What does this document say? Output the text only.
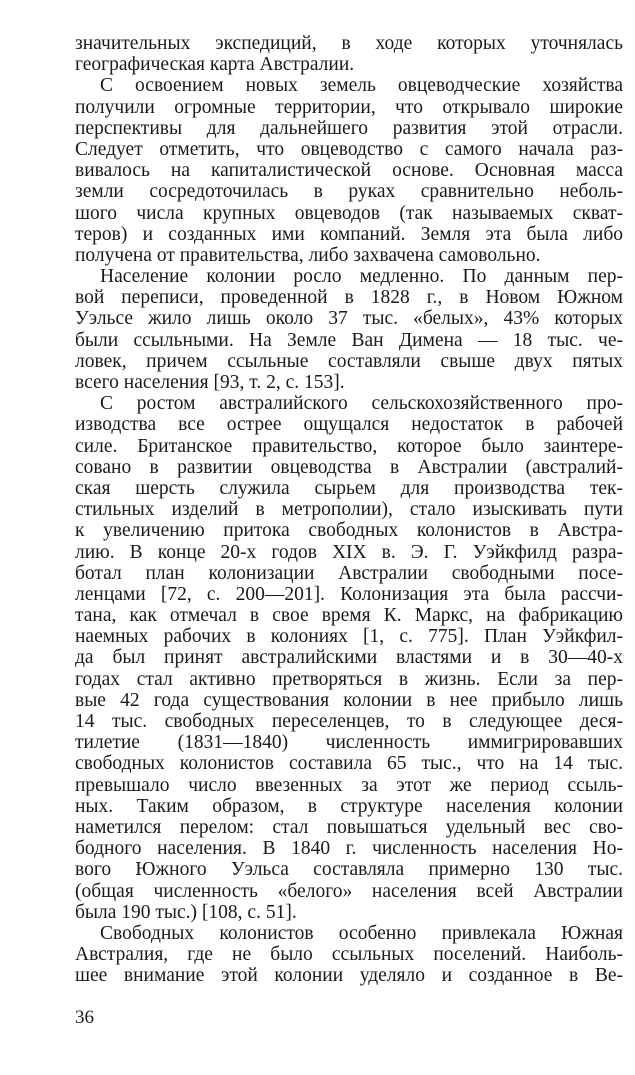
значительных экспедиций, в ходе которых уточнялась
географическая карта Австралии.
С освоением новых земель овцеводческие хозяйства
получили огромные территории, что открывало широкие
перспективы для дальнейшего развития этой отрасли.
Следует отметить, что овцеводство с самого начала раз-
вивалось на капиталистической основе. Основная масса
земли сосредоточилась в руках сравнительно неболь-
шого числа крупных овцеводов (так называемых скват-
теров) и созданных ими компаний. Земля эта была либо
получена от правительства, либо захвачена самовольно.
Население колонии росло медленно. По данным пер-
вой переписи, проведенной в 1828 г., в Новом Южном
Уэльсе жило лишь около 37 тыс. «белых», 43% которых
были ссыльными. На Земле Ван Димена — 18 тыс. че-
ловек, причем ссыльные составляли свыше двух пятых
всего населения [93, т. 2, с. 153].
С ростом австралийского сельскохозяйственного про-
изводства все острее ощущался недостаток в рабочей
силе. Британское правительство, которое было заинтере-
совано в развитии овцеводства в Австралии (австралий-
ская шерсть служила сырьем для производства тек-
стильных изделий в метрополии), стало изыскивать пути
к увеличению притока свободных колонистов в Австра-
лию. В конце 20-х годов XIX в. Э. Г. Уэйкфилд разра-
ботал план колонизации Австралии свободными посе-
ленцами [72, с. 200—201]. Колонизация эта была рассчи-
тана, как отмечал в свое время К. Маркс, на фабрикацию
наемных рабочих в колониях [1, с. 775]. План Уэйкфил-
да был принят австралийскими властями и в 30—40-х
годах стал активно претворяться в жизнь. Если за пер-
вые 42 года существования колонии в нее прибыло лишь
14 тыс. свободных переселенцев, то в следующее деся-
тилетие (1831—1840) численность иммигрировавших
свободных колонистов составила 65 тыс., что на 14 тыс.
превышало число ввезенных за этот же период ссыль-
ных. Таким образом, в структуре населения колонии
наметился перелом: стал повышаться удельный вес сво-
бодного населения. В 1840 г. численность населения Но-
вого Южного Уэльса составляла примерно 130 тыс.
(общая численность «белого» населения всей Австралии
была 190 тыс.) [108, с. 51].
Свободных колонистов особенно привлекала Южная
Австралия, где не было ссыльных поселений. Наиболь-
шее внимание этой колонии уделяло и созданное в Ве-
36
